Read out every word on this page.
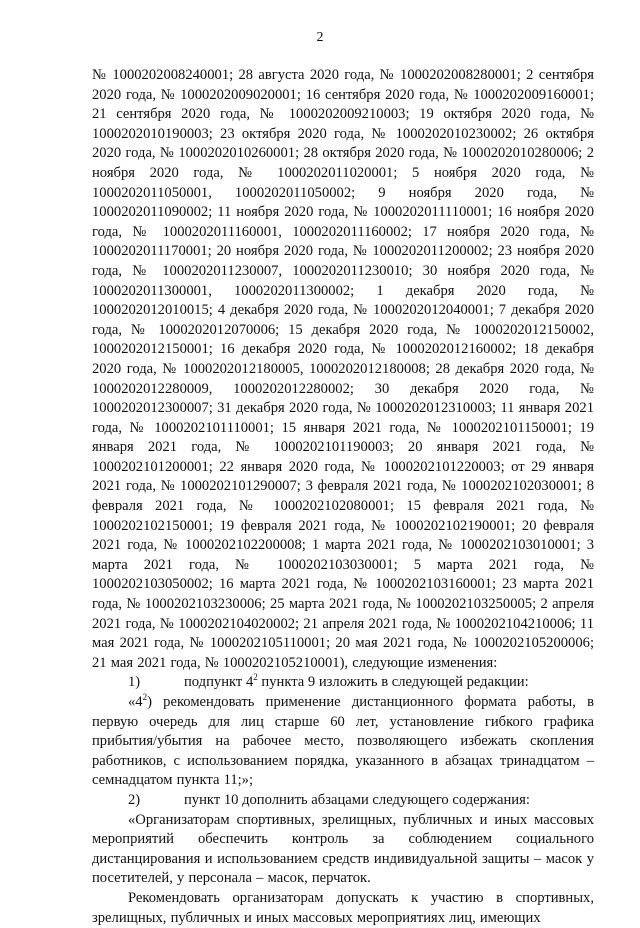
2

№ 1000202008240001; 28 августа 2020 года, № 1000202008280001; 2 сентября 2020 года, № 1000202009020001; 16 сентября 2020 года, № 1000202009160001; 21 сентября 2020 года, № 1000202009210003; 19 октября 2020 года, № 1000202010190003; 23 октября 2020 года, № 1000202010230002; 26 октября 2020 года, № 1000202010260001; 28 октября 2020 года, № 1000202010280006; 2 ноября 2020 года, № 1000202011020001; 5 ноября 2020 года, № 1000202011050001, 1000202011050002; 9 ноября 2020 года, № 1000202011090002; 11 ноября 2020 года, № 1000202011110001; 16 ноября 2020 года, № 1000202011160001, 1000202011160002; 17 ноября 2020 года, № 1000202011170001; 20 ноября 2020 года, № 1000202011200002; 23 ноября 2020 года, № 1000202011230007, 1000202011230010; 30 ноября 2020 года, № 1000202011300001, 1000202011300002; 1 декабря 2020 года, № 1000202012010015; 4 декабря 2020 года, № 1000202012040001; 7 декабря 2020 года, № 1000202012070006; 15 декабря 2020 года, № 1000202012150002, 1000202012150001; 16 декабря 2020 года, № 1000202012160002; 18 декабря 2020 года, № 1000202012180005, 1000202012180008; 28 декабря 2020 года, № 1000202012280009, 1000202012280002; 30 декабря 2020 года, № 1000202012300007; 31 декабря 2020 года, № 1000202012310003; 11 января 2021 года, № 1000202101110001; 15 января 2021 года, № 1000202101150001; 19 января 2021 года, № 1000202101190003; 20 января 2021 года, № 1000202101200001; 22 января 2020 года, № 1000202101220003; от 29 января 2021 года, № 1000202101290007; 3 февраля 2021 года, № 1000202102030001; 8 февраля 2021 года, № 1000202102080001; 15 февраля 2021 года, № 1000202102150001; 19 февраля 2021 года, № 1000202102190001; 20 февраля 2021 года, № 1000202102200008; 1 марта 2021 года, № 1000202103010001; 3 марта 2021 года, № 1000202103030001; 5 марта 2021 года, № 1000202103050002; 16 марта 2021 года, № 1000202103160001; 23 марта 2021 года, № 1000202103230006; 25 марта 2021 года, № 1000202103250005; 2 апреля 2021 года, № 1000202104020002; 21 апреля 2021 года, № 1000202104210006; 11 мая 2021 года, № 1000202105110001; 20 мая 2021 года, № 1000202105200006; 21 мая 2021 года, № 1000202105210001), следующие изменения:

1)	подпункт $4^2$ пункта 9 изложить в следующей редакции:

«$4^2$) рекомендовать применение дистанционного формата работы, в первую очередь для лиц старше 60 лет, установление гибкого графика прибытия/убытия на рабочее место, позволяющего избежать скопления работников, с использованием порядка, указанного в абзацах тринадцатом – семнадцатом пункта 11;»;

2)	пункт 10 дополнить абзацами следующего содержания:

«Организаторам спортивных, зрелищных, публичных и иных массовых мероприятий обеспечить контроль за соблюдением социального дистанцирования и использованием средств индивидуальной защиты – масок у посетителей, у персонала – масок, перчаток.

Рекомендовать организаторам допускать к участию в спортивных, зрелищных, публичных и иных массовых мероприятиях лиц, имеющих
